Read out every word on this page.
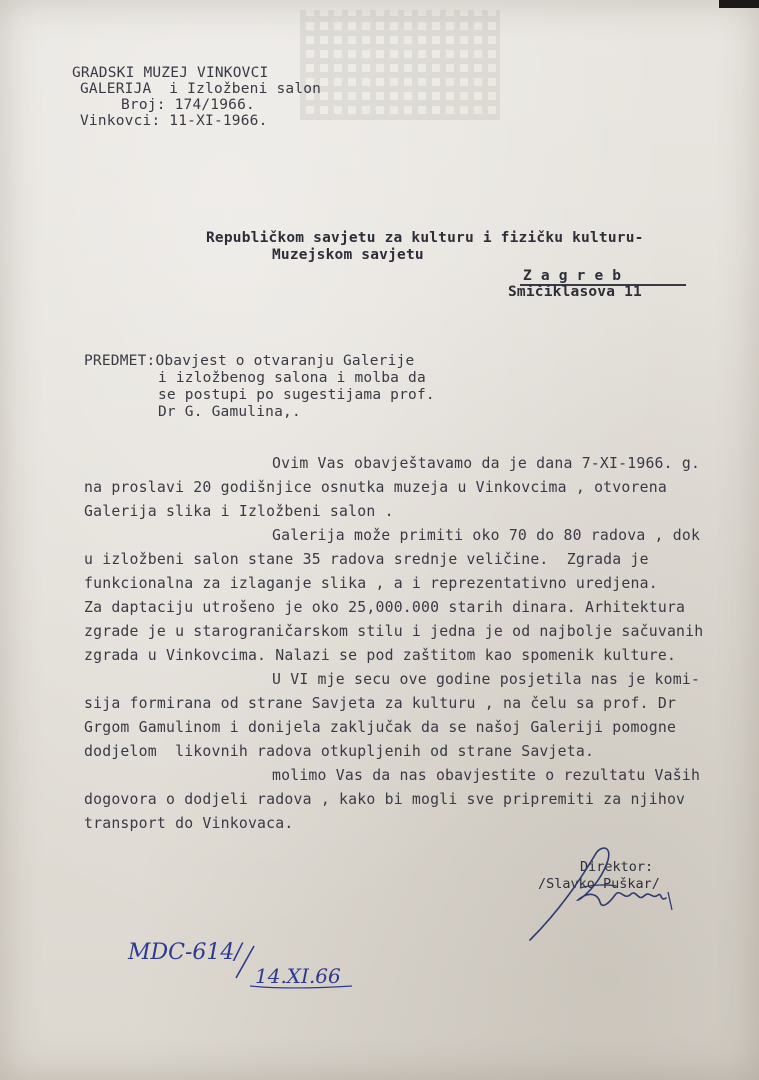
GRADSKI MUZEJ VINKOVCI
GALERIJA  i Izložbeni salon
Broj: 174/1966.
Vinkovci: 11-XI-1966.
Republičkom savjetu za kulturu i fizičku kulturu-
Muzejskom savjetu
Z a g r e b
Smičiklasova 11
PREDMET:Obavjest o otvaranju Galerije
i izložbenog salona i molba da
se postupi po sugestijama prof.
Dr G. Gamulina,.
Ovim Vas obavještavamo da je dana 7-XI-1966. g.
na proslavi 20 godišnjice osnutka muzeja u Vinkovcima , otvorena
Galerija slika i Izložbeni salon .
Galerija može primiti oko 70 do 80 radova , dok
u izložbeni salon stane 35 radova srednje veličine.  Zgrada je
funkcionalna za izlaganje slika , a i reprezentativno uredjena.
Za daptaciju utrošeno je oko 25,000.000 starih dinara. Arhitektura
zgrade je u starograničarskom stilu i jedna je od najbolje sačuvanih
zgrada u Vinkovcima. Nalazi se pod zaštitom kao spomenik kulture.
U VI mje secu ove godine posjetila nas je komi-
sija formirana od strane Savjeta za kulturu , na čelu sa prof. Dr
Grgom Gamulinom i donijela zaključak da se našoj Galeriji pomogne
dodjelom  likovnih radova otkupljenih od strane Savjeta.
molimo Vas da nas obavjestite o rezultatu Vaših
dogovora o dodjeli radova , kako bi mogli sve pripremiti za njihov
transport do Vinkovaca.
Direktor:
/Slavko Puškar/
MDC-614/
14.XI.66
